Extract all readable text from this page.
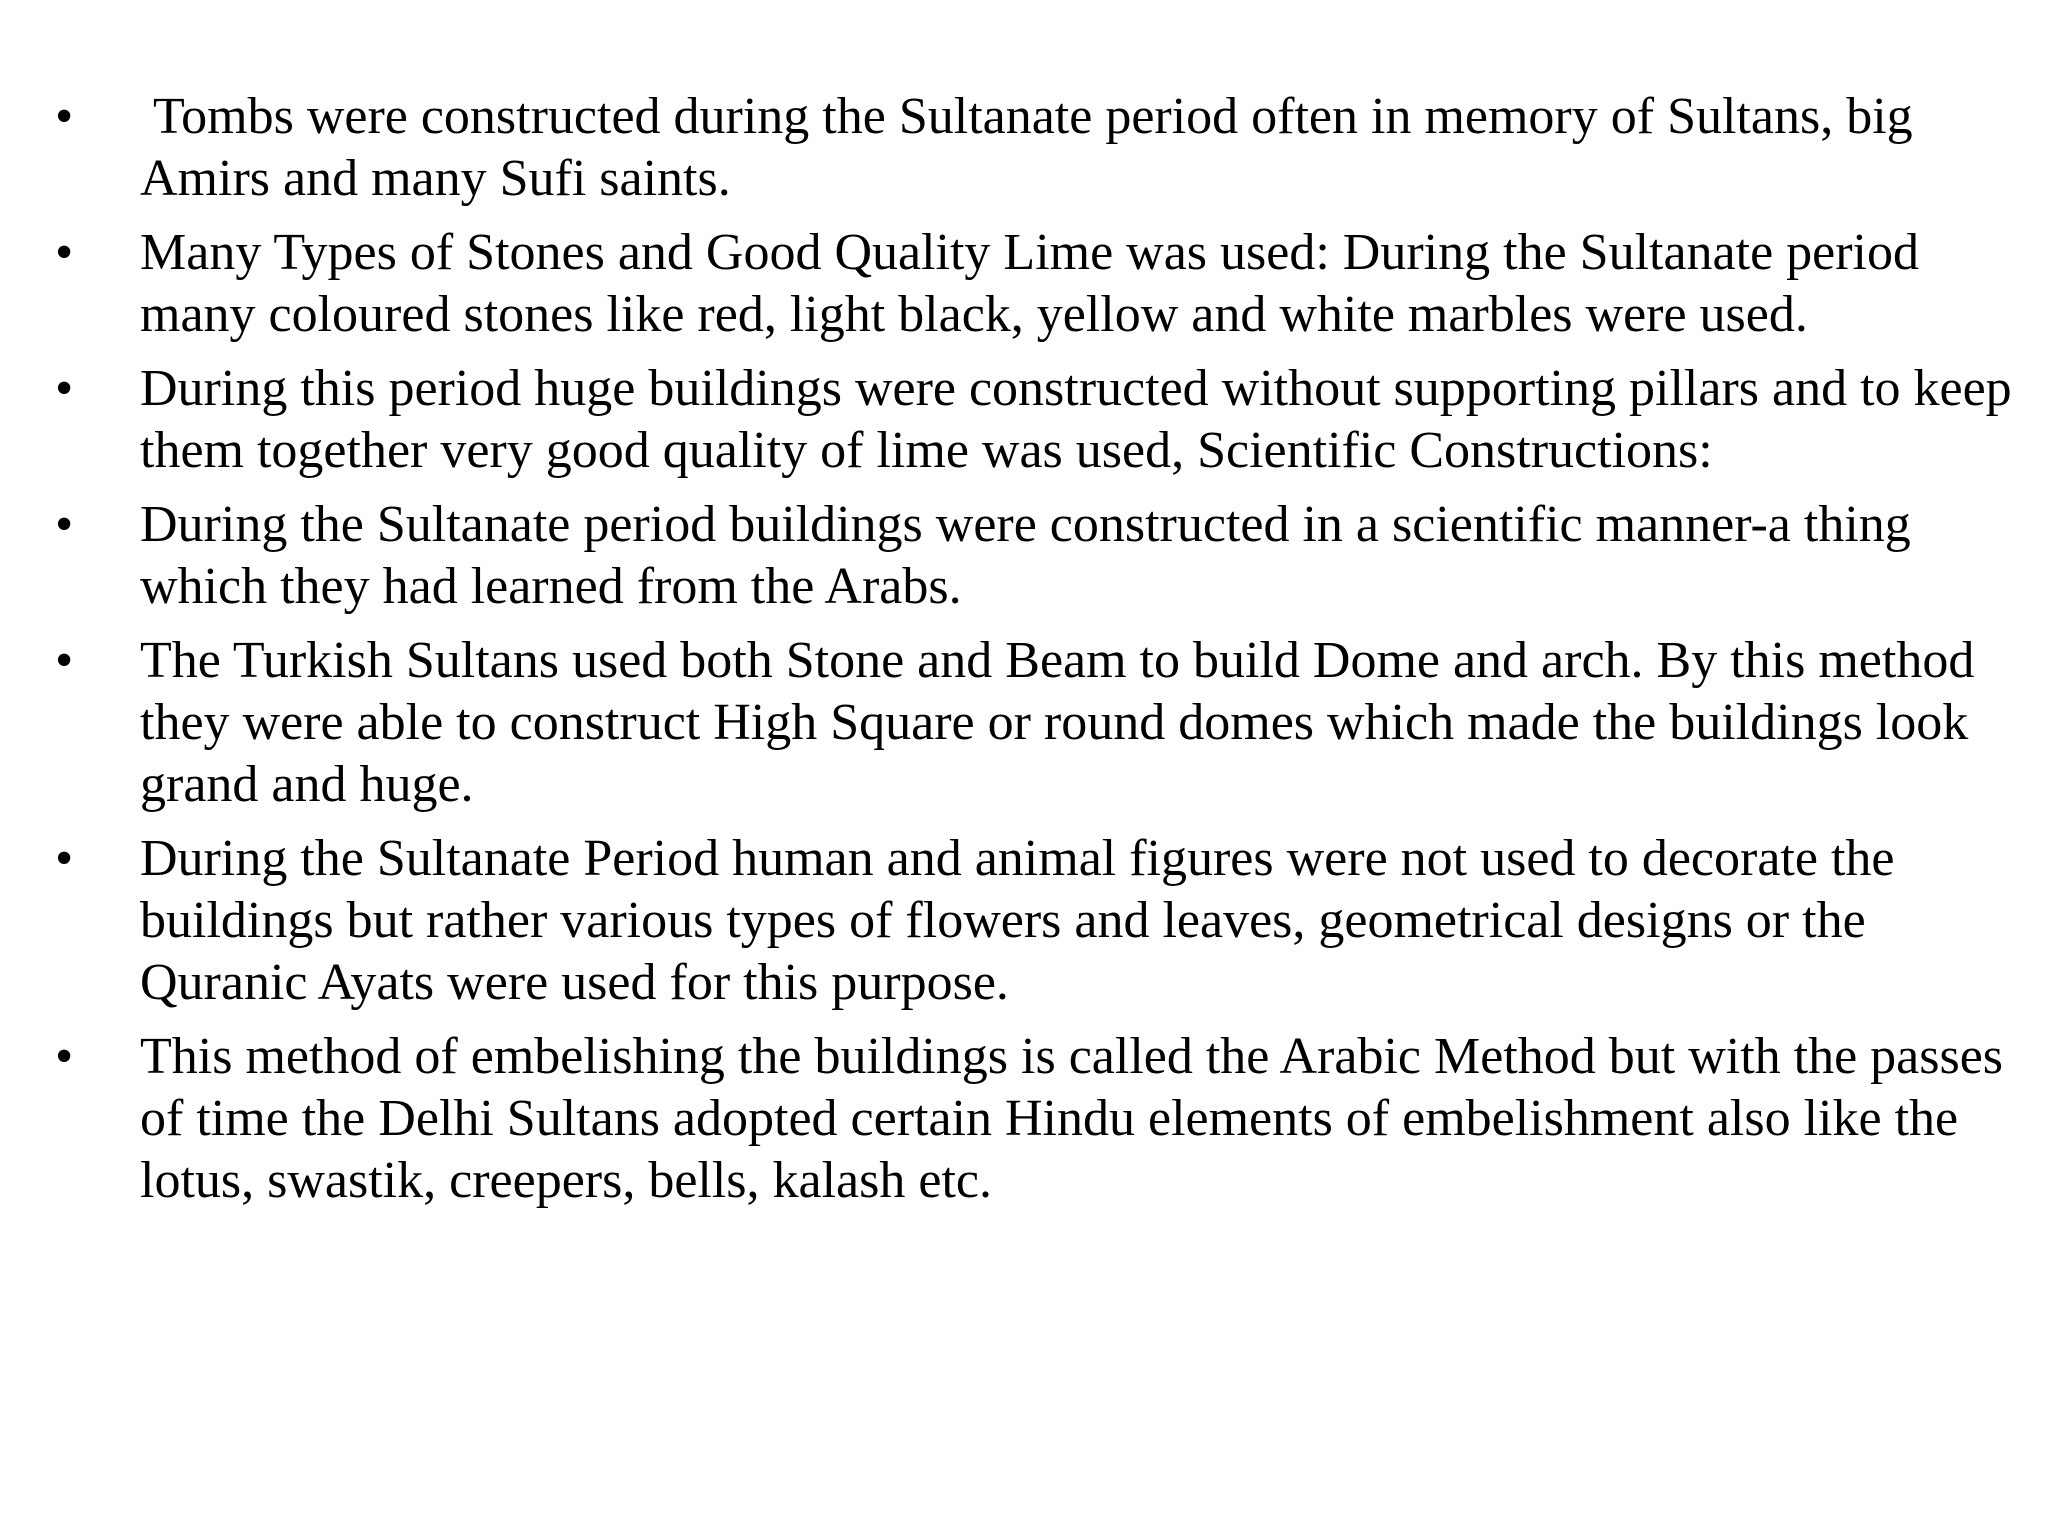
•	Tombs were constructed during the Sultanate period often in memory of Sultans, big Amirs and many Sufi saints.
•	Many Types of Stones and Good Quality Lime was used: During the Sultanate period many coloured stones like red, light black, yellow and white marbles were used.
•	During this period huge buildings were constructed without supporting pillars and to keep them together very good quality of lime was used, Scientific Constructions:
•	During the Sultanate period buildings were constructed in a scientific manner-a thing which they had learned from the Arabs.
•	The Turkish Sultans used both Stone and Beam to build Dome and arch. By this method they were able to construct High Square or round domes which made the buildings look grand and huge.
•	During the Sultanate Period human and animal figures were not used to decorate the buildings but rather various types of flowers and leaves, geometrical designs or the Quranic Ayats were used for this purpose.
•	This method of embelishing the buildings is called the Arabic Method but with the passes of time the Delhi Sultans adopted certain Hindu elements of embelishment also like the lotus, swastik, creepers, bells, kalash etc.
